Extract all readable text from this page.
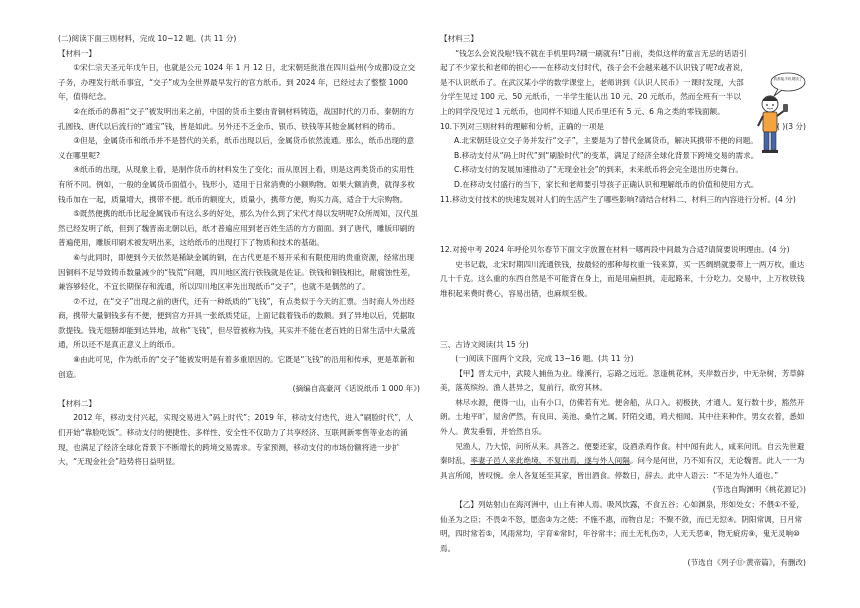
(二)阅读下面三则材料，完成 10~12 题。(共 11 分)

【材料一】

①宋仁宗天圣元年戊午日，也就是公元 1024 年 1 月 12 日，北宋朝廷批准在四川益州(今成都)设立交子务，办理发行纸币事宜，“交子”成为全世界最早发行的官方纸币。到 2024 年，已经过去了整整 1000 年，值得纪念。

②在纸币的鼻祖“交子”被发明出来之前，中国的货币主要由青铜材料铸造，战国时代的刀币、秦朝的方孔圆钱、唐代以后流行的“通宝”钱，皆是如此。另外还不乏金币、银币、铁钱等其他金属材料的铸币。

③但是，金属货币和纸币并不是替代的关系，纸币出现以后，金属货币依然流通。那么，纸币出现的意义在哪里呢?

④纸币的出现，从现象上看，是制作货币的材料发生了变化；而从原因上看，则是这两类货币的实用性有所不同。例如，一般的金属货币面值小，钱形小，适用于日常消费的小额购物。如果大额消费，就得多枚钱币加在一起，质量增大，携带不便。纸币的额度大，质量小，携带方便，购买力高，适合于大宗购物。

⑤既然便携的纸币比起金属钱币有这么多的好处，那么为什么到了宋代才得以发明呢?众所周知，汉代虽然已经发明了纸，但到了魏晋南北朝以后，纸才普遍应用到老百姓生活的方方面面。到了唐代，雕版印刷的普遍使用，雕版印刷术被发明出来，这给纸币的出现打下了物质和技术的基础。

⑥与此同时，即便到今天依然是稀缺金属的铜，在古代更是不易开采和有限使用的贵重资源，经常出现因铜料不足导致铸币数量减少的“钱荒”问题，四川地区流行铁钱就是佐证。铁钱和铜钱相比，耐腐蚀性差，兼容够轻化，不宜长期保存和流通，所以四川地区率先出现纸币“交子”，也就不是偶然的了。

⑦不过，在“交子”出现之前的唐代，还有一种纸质的“飞钱”，有点类似于今天的汇票。当时商人外出经商，携带大量铜钱多有不便，便到官方开具一张纸质凭证，上面记载着钱币的数额。到了异地以后，凭据取款提钱。钱无翅膀却能到达异地，故称“飞钱”，但尽管被称为钱，其实并不能在老百姓的日常生活中大量流通，所以还不是真正意义上的纸币。

⑧由此可见，作为纸币的“交子”能被发明是有着多重原因的。它既是“飞钱”的沿用和传承，更是革新和创造。

(摘编自高豪河《话说纸币 1 000 年》)

【材料二】

2012 年，移动支付兴起，实现交易进入“码上时代”；2019 年，移动支付迭代，进入“刷脸时代”，人们开始“靠脸吃饭”。移动支付的便捷性、多样性、安全性不仅助力了共享经济、互联网新零售等业态的涌现，也满足了经济全球化背景下不断增长的跨境交易需求。专家预测，移动支付的市场份额将进一步扩大，“无现金社会”趋势将日益明显。

【材料三】

“钱怎么会说没啦!钱不就在手机里吗?刷一刷就有!”日前，类似这样的童言无忌的话语引起了不少家长和老师的担心——在移动支付时代，孩子会不会越来越不认识钱了呢?或者说，是不认识纸币了。在武汉某小学的数学课堂上，老师讲到《认识人民币》一课时发现，大部分学生见过 100 元、50 元纸币，一半学生能认出 10 元、20 元纸币，然而全班有一半以上的同学没见过 1 元纸币，也同样不知道人民币里还有 5 元、6 角之类的零钱面额。

10.下列对三则材料的理解和分析，正确的一项是	( )(3 分)

A.北宋朝廷设立交子务并发行“交子”，主要是为了替代金属货币，解决其携带不便的问题。

B.移动支付从“码上时代”到“刷脸时代”的变革，满足了经济全球化背景下跨境交易的需求。

C.移动支付的发展加速推动了“无现金社会”的到来，未来纸币将会完全退出历史舞台。

D.在移动支付盛行的当下，家长和老师要引导孩子正确认识和理解纸币的价值和使用方式。

11.移动支付技术的快速发展对人们的生活产生了哪些影响?请结合材料二、材料三的内容进行分析。(4 分)

12.对接中考 2024 年呼伦贝尔春节下面文字放置在材料一哪两段中间最为合适?请简要说明理由。(4 分)

史书记载，北宋时期四川流通铁钱，按最轻的那种每枚重一钱来算，买一匹绸绢就要带上一两万枚，重达几十千克。这么重的东西自然是不可能背在身上，而是用扁担挑，走起路来，十分吃力。交易中，上万枚铁钱堆积起来费时费心，容易出错，也麻烦至极。

三、古诗文阅读(共 15 分)

(一)阅读下面两个文段，完成 13~16 题。(共 11 分)

【甲】晋太元中，武陵人捕鱼为业。缘溪行，忘路之远近。忽逢桃花林，夹岸数百步，中无杂树，芳草鲜美，落英缤纷。渔人甚异之，复前行，欲穷其林。

林尽水源，便得一山，山有小口，仿佛若有光。便舍船，从口入。初极狭，才通人。复行数十步，豁然开朗。土地平旷，屋舍俨然，有良田、美池、桑竹之属。阡陌交通，鸡犬相闻。其中往来种作，男女衣着，悉如外人。黄发垂髫，并怡然自乐。

见渔人，乃大惊，问所从来。具答之。便要还家，设酒杀鸡作食。村中闻有此人，咸来问讯。自云先世避秦时乱，率妻子邑人来此绝境，不复出焉，遂与外人间隔。问今是何世，乃不知有汉，无论魏晋。此人一一为具言所闻，皆叹惋。余人各复延至其家，皆出酒食。停数日，辞去。此中人语云：“不足为外人道也。”

(节选自陶渊明《桃花源记》)

【乙】列姑射山在海河洲中，山上有神人焉。吸风饮露，不食五谷；心如渊泉，形如处女；不偎①不爱，仙圣为之臣；不畏②不怒，愿悫③为之使；不施不惠，而物自足；不聚不敛，而已无愆④。阴阳常调，日月常明，四时常若⑤，风雨常均，字育⑥常时，年谷常丰；而土无札伤⑦，人无夭恶⑧，物无疵疠⑨，鬼无灵响⑩焉。

(节选自《列子⑪·黄帝篇》，有删改)

我都能手机刷钱了
